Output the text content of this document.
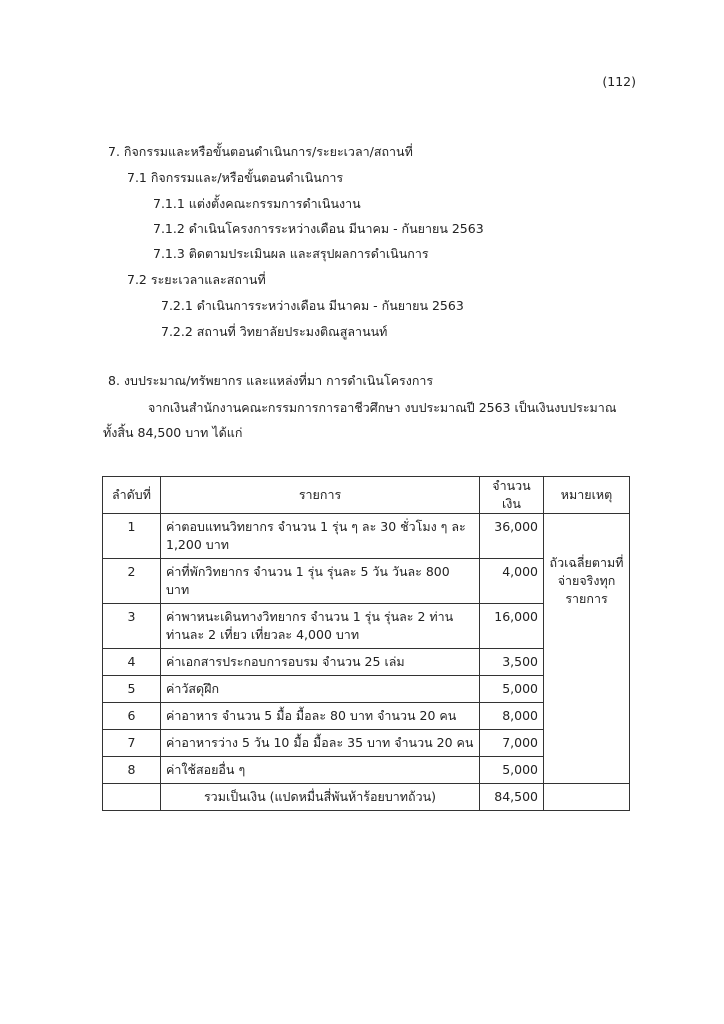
(112)
7. กิจกรรมและหรือขั้นตอนดำเนินการ/ระยะเวลา/สถานที่
7.1 กิจกรรมและ/หรือขั้นตอนดำเนินการ
7.1.1 แต่งตั้งคณะกรรมการดำเนินงาน
7.1.2 ดำเนินโครงการระหว่างเดือน มีนาคม - กันยายน 2563
7.1.3 ติดตามประเมินผล และสรุปผลการดำเนินการ
7.2 ระยะเวลาและสถานที่
7.2.1 ดำเนินการระหว่างเดือน มีนาคม - กันยายน 2563
7.2.2 สถานที่ วิทยาลัยประมงติณสูลานนท์
8. งบประมาณ/ทรัพยากร และแหล่งที่มา การดำเนินโครงการ
จากเงินสำนักงานคณะกรรมการการอาชีวศึกษา งบประมาณปี 2563 เป็นเงินงบประมาณ
ทั้งสิ้น 84,500 บาท ได้แก่
ลำดับที่	รายการ	จำนวนเงิน	หมายเหตุ
1	ค่าตอบแทนวิทยากร จำนวน 1 รุ่น ๆ ละ 30 ชั่วโมง ๆ ละ 1,200 บาท	36,000	ถัวเฉลี่ยตามที่จ่ายจริงทุกรายการ
2	ค่าที่พักวิทยากร จำนวน 1 รุ่น รุ่นละ 5 วัน วันละ 800 บาท	4,000	
3	ค่าพาหนะเดินทางวิทยากร จำนวน 1 รุ่น รุ่นละ 2 ท่าน ท่านละ 2 เที่ยว เที่ยวละ 4,000 บาท	16,000	
4	ค่าเอกสารประกอบการอบรม จำนวน 25 เล่ม	3,500	
5	ค่าวัสดุฝึก	5,000	
6	ค่าอาหาร จำนวน 5 มื้อ มื้อละ 80 บาท จำนวน 20 คน	8,000	
7	ค่าอาหารว่าง 5 วัน 10 มื้อ มื้อละ 35 บาท จำนวน 20 คน	7,000	
8	ค่าใช้สอยอื่น ๆ	5,000	
	รวมเป็นเงิน (แปดหมื่นสี่พันห้าร้อยบาทถ้วน)	84,500	
